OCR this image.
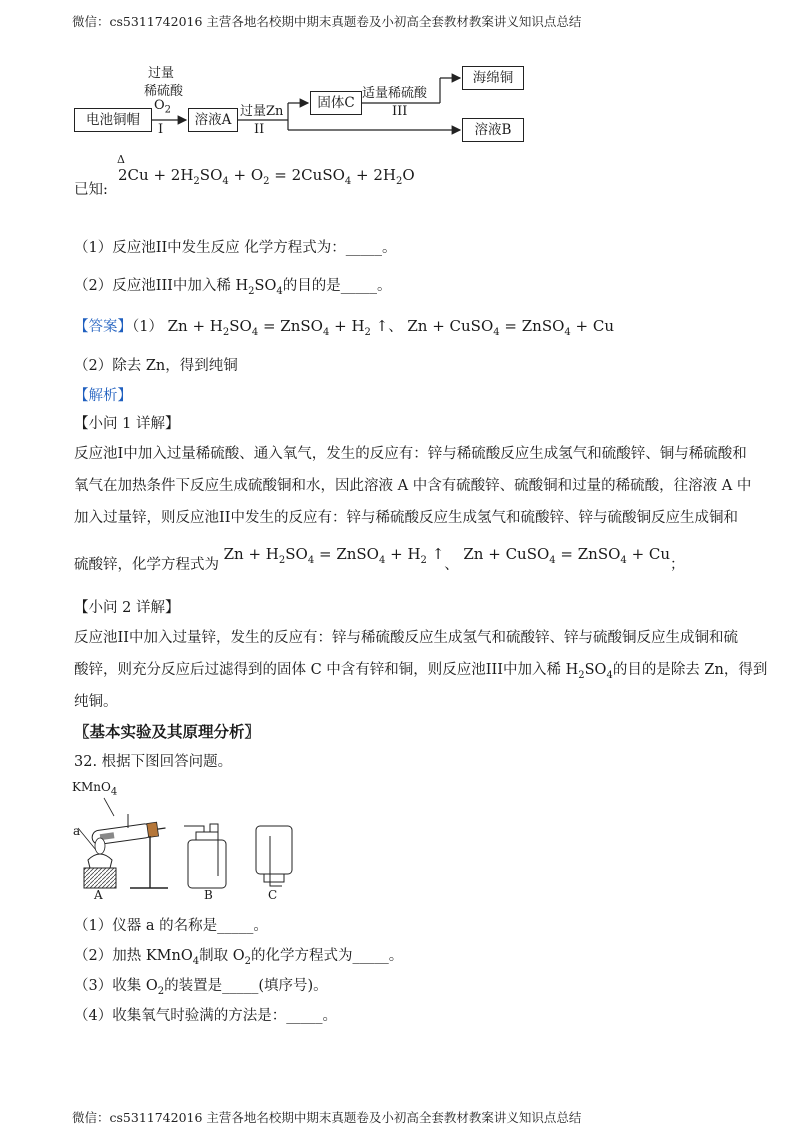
微信：cs5311742016 主营各地名校期中期末真题卷及小初高全套教材教案讲义知识点总结
电池铜帽	溶液A
固体C
海绵铜
溶液B
过量
稀硫酸
$O_2$
I
过量Zn
II
适量稀硫酸
III
Δ
已知:
$2Cu + 2H_2SO_4 + O_2$ = 2CuSO$_4$ + $2H_2O$
（1）反应池II中发生反应 化学方程式为：_____。
（2）反应池III中加入稀 $H_2SO_4$的目的是_____。
【答案】（1） $Zn + H_2SO_4$ = ZnSO$_4$ + $H_2$ ↑、 Zn + CuSO$_4$ = ZnSO$_4$ + Cu
（2）除去 Zn，得到纯铜
【解析】
【小问 1 详解】
反应池I中加入过量稀硫酸、通入氧气，发生的反应有：锌与稀硫酸反应生成氢气和硫酸锌、铜与稀硫酸和
氧气在加热条件下反应生成硫酸铜和水，因此溶液 A 中含有硫酸锌、硫酸铜和过量的稀硫酸，往溶液 A 中
加入过量锌，则反应池II中发生的反应有：锌与稀硫酸反应生成氢气和硫酸锌、锌与硫酸铜反应生成铜和
硫酸锌，化学方程式为 $Zn + H_2SO_4$ = ZnSO$_4$ + $H_2$ ↑、 Zn + CuSO$_4$ = ZnSO$_4$ + Cu；
【小问 2 详解】
反应池II中加入过量锌，发生的反应有：锌与稀硫酸反应生成氢气和硫酸锌、锌与硫酸铜反应生成铜和硫
酸锌，则充分反应后过滤得到的固体 C 中含有锌和铜，则反应池III中加入稀 $H_2SO_4$的目的是除去 Zn，得到
纯铜。
〖基本实验及其原理分析〗
32. 根据下图回答问题。
KMnO$_4$
a
A	B	C
（1）仪器 a 的名称是_____。
（2）加热 KMnO$_4$制取 $O_2$的化学方程式为_____。
（3）收集 $O_2$的装置是_____(填序号)。
（4）收集氧气时验满的方法是：_____。
微信：cs5311742016 主营各地名校期中期末真题卷及小初高全套教材教案讲义知识点总结
